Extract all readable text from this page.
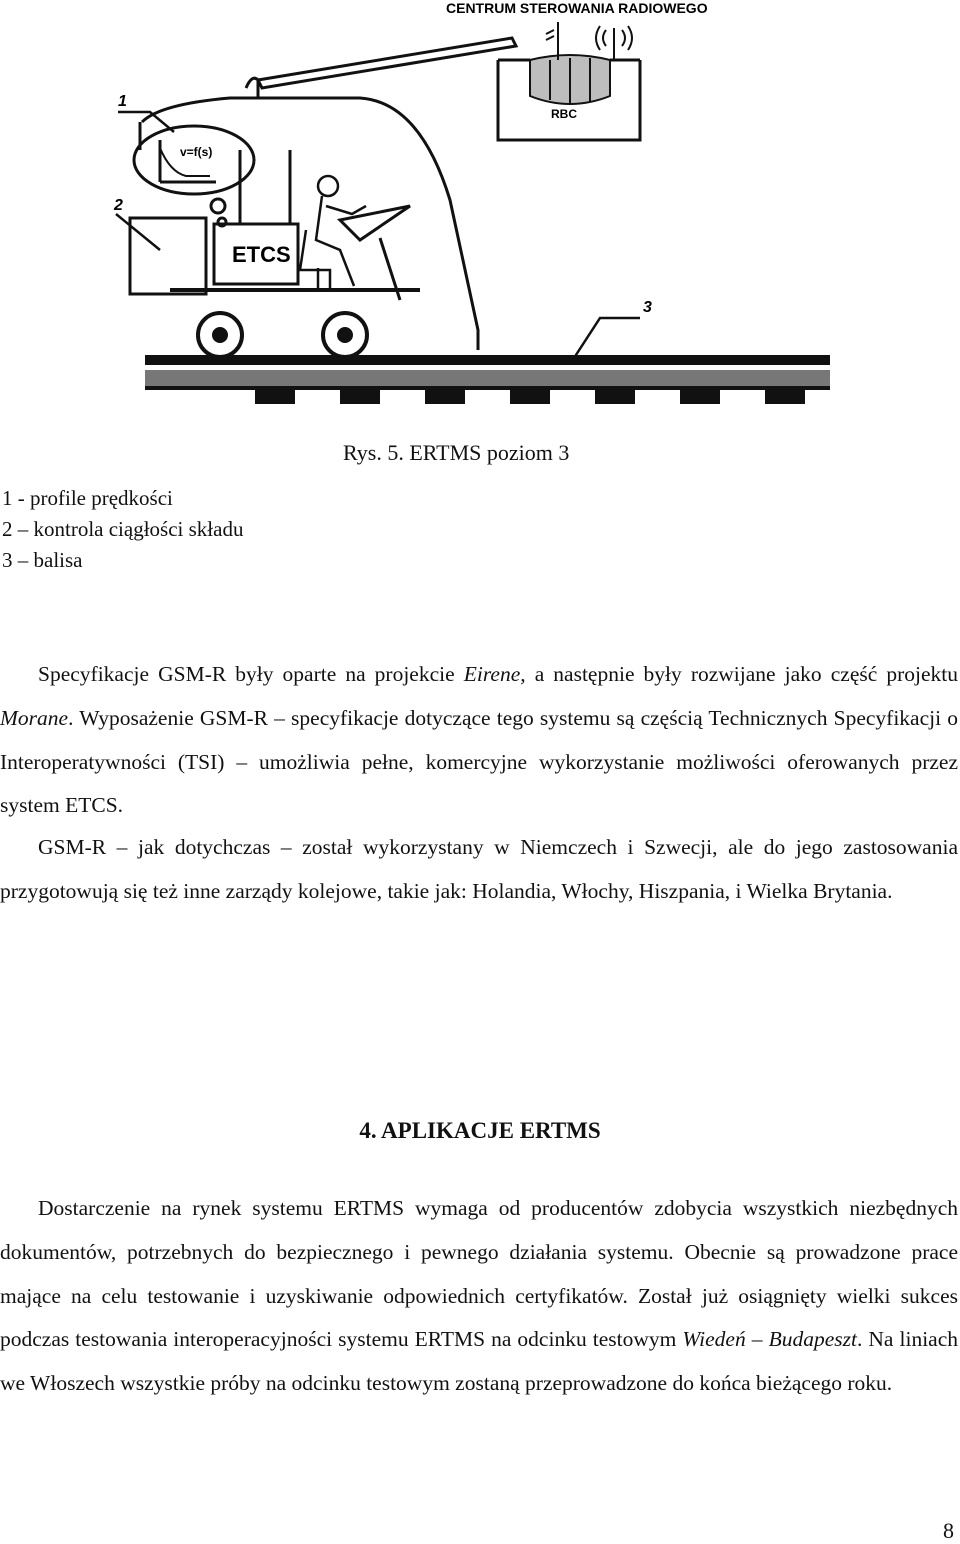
CENTRUM STEROWANIA RADIOWEGO
RBC
ETCS
v=f(s)
1
2
3
Rys. 5. ERTMS poziom 3
1 - profile prędkości
2 – kontrola ciągłości składu
3 – balisa
Specyfikacje GSM-R były oparte na projekcie Eirene, a następnie były rozwijane jako część projektu Morane. Wyposażenie GSM-R – specyfikacje dotyczące tego systemu są częścią Technicznych Specyfikacji o Interoperatywności (TSI) – umożliwia pełne, komercyjne wykorzystanie możliwości oferowanych przez system ETCS.
GSM-R – jak dotychczas – został wykorzystany w Niemczech i Szwecji, ale do jego zastosowania przygotowują się też inne zarządy kolejowe, takie jak: Holandia, Włochy, Hiszpania, i Wielka Brytania.
4. APLIKACJE ERTMS
Dostarczenie na rynek systemu ERTMS wymaga od producentów zdobycia wszystkich niezbędnych dokumentów, potrzebnych do bezpiecznego i pewnego działania systemu. Obecnie są prowadzone prace mające na celu testowanie i uzyskiwanie odpowiednich certyfikatów. Został już osiągnięty wielki sukces podczas testowania interoperacyjności systemu ERTMS na odcinku testowym Wiedeń – Budapeszt. Na liniach we Włoszech wszystkie próby na odcinku testowym zostaną przeprowadzone do końca bieżącego roku.
8
